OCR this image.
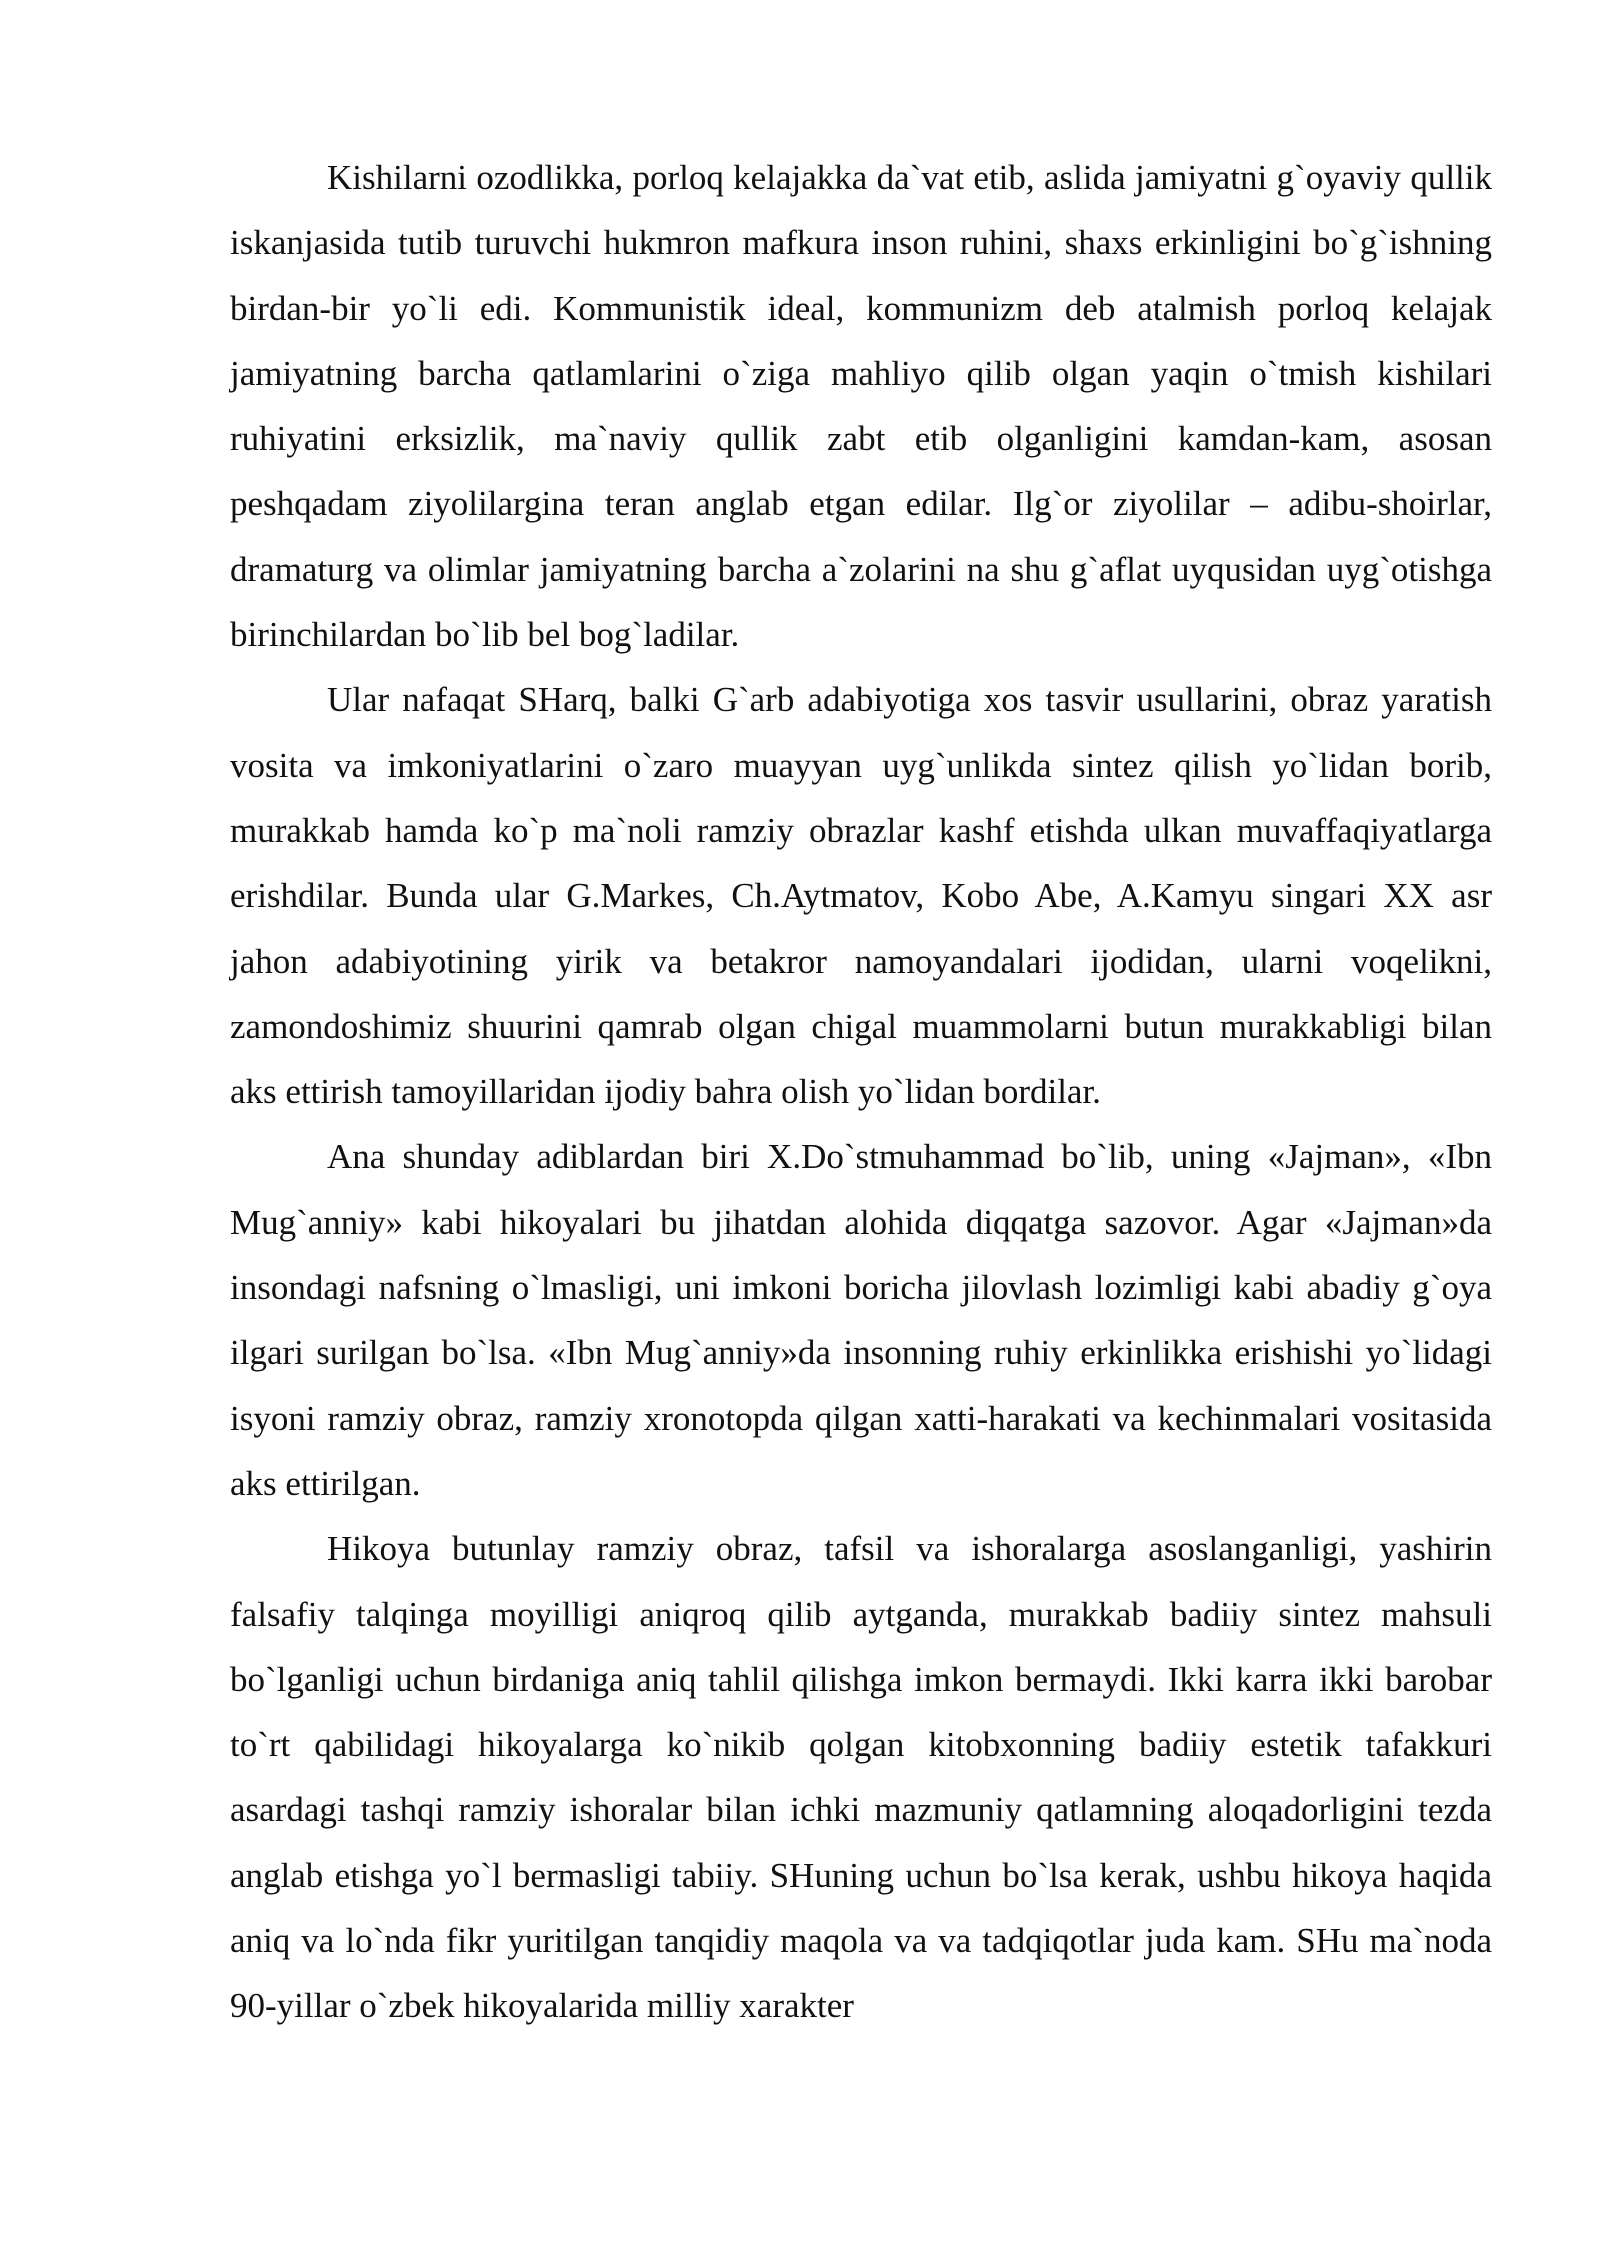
Kishilarni ozodlikka, porloq kelajakka da`vat etib, aslida jamiyatni g`oyaviy qullik iskanjasida tutib turuvchi hukmron mafkura inson ruhini, shaxs erkinligini bo`g`ishning birdan-bir yo`li edi. Kommunistik ideal, kommunizm deb atalmish porloq kelajak jamiyatning barcha qatlamlarini o`ziga mahliyo qilib olgan yaqin o`tmish kishilari ruhiyatini erksizlik, ma`naviy qullik zabt etib olganligini kamdan-kam, asosan peshqadam ziyolilargina teran anglab etgan edilar. Ilg`or ziyolilar – adibu-shoirlar, dramaturg va olimlar jamiyatning barcha a`zolarini na shu g`aflat uyqusidan uyg`otishga birinchilardan bo`lib bel bog`ladilar.

Ular nafaqat SHarq, balki G`arb adabiyotiga xos tasvir usullarini, obraz yaratish vosita va imkoniyatlarini o`zaro muayyan uyg`unlikda sintez qilish yo`lidan borib, murakkab hamda ko`p ma`noli ramziy obrazlar kashf etishda ulkan muvaffaqiyatlarga erishdilar. Bunda ular G.Markes, Ch.Aytmatov, Kobo Abe, A.Kamyu singari XX asr jahon adabiyotining yirik va betakror namoyandalari ijodidan, ularni voqelikni, zamondoshimiz shuurini qamrab olgan chigal muammolarni butun murakkabligi bilan aks ettirish tamoyillaridan ijodiy bahra olish yo`lidan bordilar.

Ana shunday adiblardan biri X.Do`stmuhammad bo`lib, uning «Jajman», «Ibn Mug`anniy» kabi hikoyalari bu jihatdan alohida diqqatga sazovor. Agar «Jajman»da insondagi nafsning o`lmasligi, uni imkoni boricha jilovlash lozimligi kabi abadiy g`oya ilgari surilgan bo`lsa. «Ibn Mug`anniy»da insonning ruhiy erkinlikka erishishi yo`lidagi isyoni ramziy obraz, ramziy xronotopda qilgan xatti-harakati va kechinmalari vositasida aks ettirilgan.

Hikoya butunlay ramziy obraz, tafsil va ishoralarga asoslanganligi, yashirin falsafiy talqinga moyilligi aniqroq qilib aytganda, murakkab badiiy sintez mahsuli bo`lganligi uchun birdaniga aniq tahlil qilishga imkon bermaydi. Ikki karra ikki barobar to`rt qabilidagi hikoyalarga ko`nikib qolgan kitobxonning badiiy estetik tafakkuri asardagi tashqi ramziy ishoralar bilan ichki mazmuniy qatlamning aloqadorligini tezda anglab etishga yo`l bermasligi tabiiy. SHuning uchun bo`lsa kerak, ushbu hikoya haqida aniq va lo`nda fikr yuritilgan tanqidiy maqola va va tadqiqotlar juda kam. SHu ma`noda 90-yillar o`zbek hikoyalarida milliy xarakter
